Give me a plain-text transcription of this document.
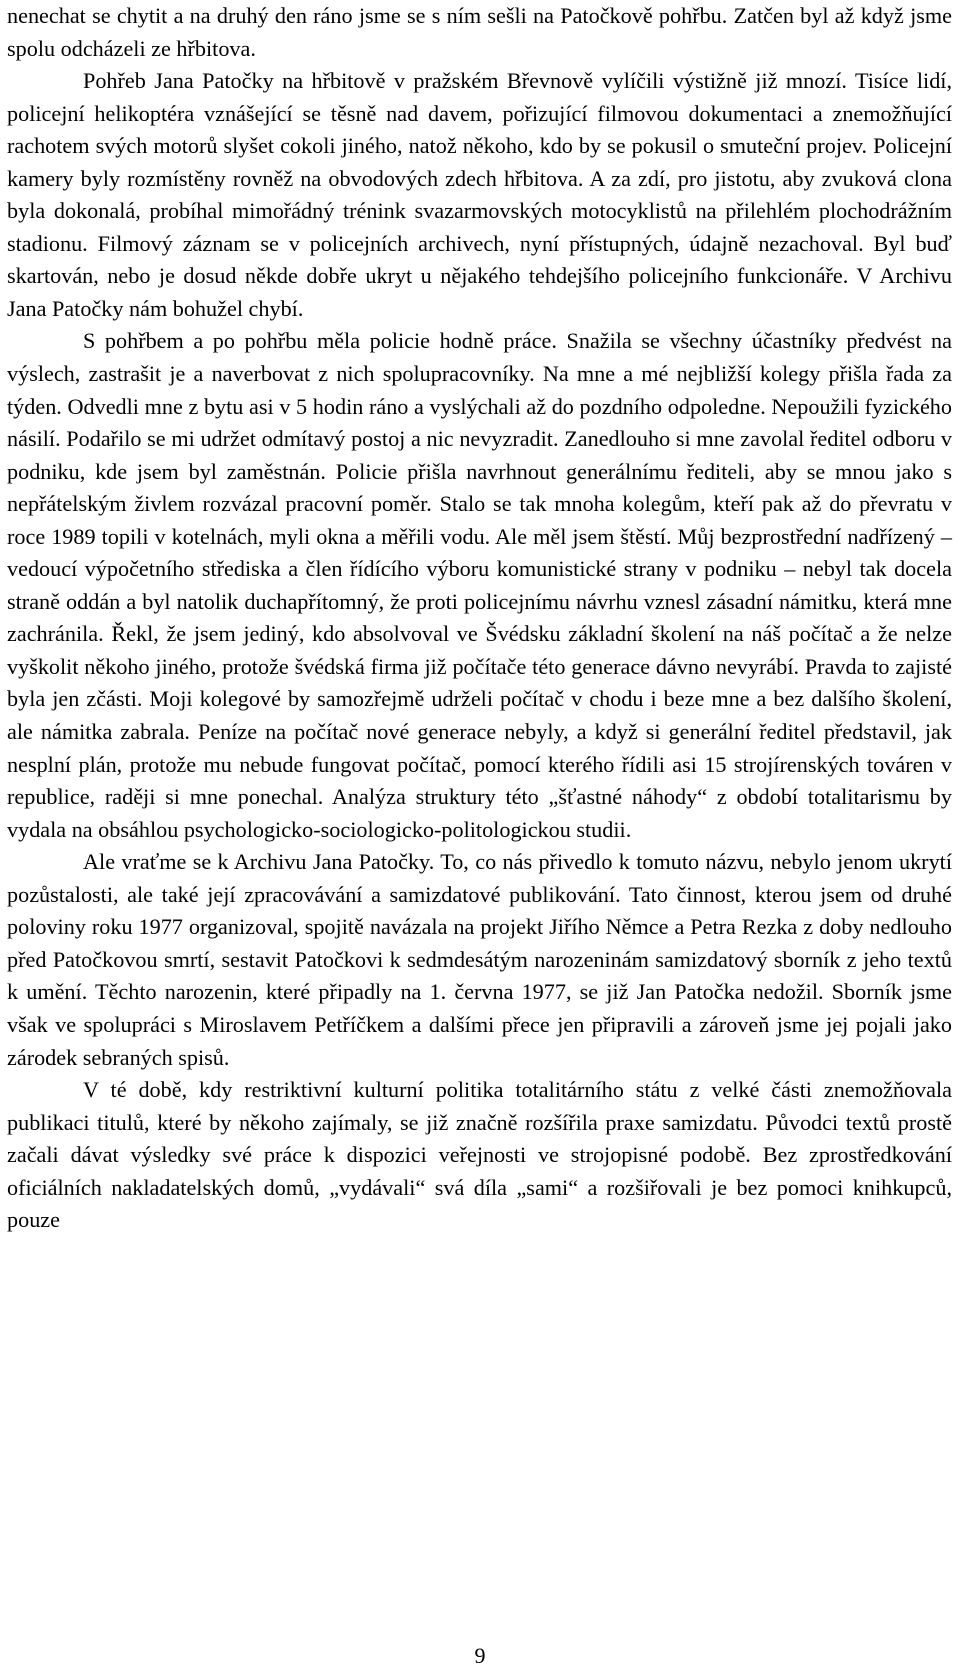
nenechat se chytit a na druhý den ráno jsme se s ním sešli na Patočkově pohřbu. Zatčen byl až když jsme spolu odcházeli ze hřbitova.

Pohřeb Jana Patočky na hřbitově v pražském Břevnově vylíčili výstižně již mnozí. Tisíce lidí, policejní helikoptéra vznášející se těsně nad davem, pořizující filmovou dokumentaci a znemožňující rachotem svých motorů slyšet cokoli jiného, natož někoho, kdo by se pokusil o smuteční projev. Policejní kamery byly rozmístěny rovněž na obvodových zdech hřbitova. A za zdí, pro jistotu, aby zvuková clona byla dokonalá, probíhal mimořádný trénink svazarmovských motocyklistů na přilehlém plochodrážním stadionu. Filmový záznam se v policejních archivech, nyní přístupných, údajně nezachoval. Byl buď skartován, nebo je dosud někde dobře ukryt u nějakého tehdejšího policejního funkcionáře. V Archivu Jana Patočky nám bohužel chybí.

S pohřbem a po pohřbu měla policie hodně práce. Snažila se všechny účastníky předvést na výslech, zastrašit je a naverbovat z nich spolupracovníky. Na mne a mé nejbližší kolegy přišla řada za týden. Odvedli mne z bytu asi v 5 hodin ráno a vyslýchali až do pozdního odpoledne. Nepoužili fyzického násilí. Podařilo se mi udržet odmítavý postoj a nic nevyzradit. Zanedlouho si mne zavolal ředitel odboru v podniku, kde jsem byl zaměstnán. Policie přišla navrhnout generálnímu řediteli, aby se mnou jako s nepřátelským živlem rozvázal pracovní poměr. Stalo se tak mnoha kolegům, kteří pak až do převratu v roce 1989 topili v kotelnách, myli okna a měřili vodu. Ale měl jsem štěstí. Můj bezprostřední nadřízený – vedoucí výpočetního střediska a člen řídícího výboru komunistické strany v podniku – nebyl tak docela straně oddán a byl natolik duchapřítomný, že proti policejnímu návrhu vznesl zásadní námitku, která mne zachránila. Řekl, že jsem jediný, kdo absolvoval ve Švédsku základní školení na náš počítač a že nelze vyškolit někoho jiného, protože švédská firma již počítače této generace dávno nevyrábí. Pravda to zajisté byla jen zčásti. Moji kolegové by samozřejmě udrželi počítač v chodu i beze mne a bez dalšího školení, ale námitka zabrala. Peníze na počítač nové generace nebyly, a když si generální ředitel představil, jak nesplní plán, protože mu nebude fungovat počítač, pomocí kterého řídili asi 15 strojírenských továren v republice, raději si mne ponechal. Analýza struktury této „šťastné náhody“ z období totalitarismu by vydala na obsáhlou psychologicko-sociologicko-politologickou studii.

Ale vraťme se k Archivu Jana Patočky. To, co nás přivedlo k tomuto názvu, nebylo jenom ukrytí pozůstalosti, ale také její zpracovávání a samizdatové publikování. Tato činnost, kterou jsem od druhé poloviny roku 1977 organizoval, spojitě navázala na projekt Jiřího Němce a Petra Rezka z doby nedlouho před Patočkovou smrtí, sestavit Patočkovi k sedmdesátým narozeninám samizdatový sborník z jeho textů k umění. Těchto narozenin, které připadly na 1. června 1977, se již Jan Patočka nedožil. Sborník jsme však ve spolupráci s Miroslavem Petříčkem a dalšími přece jen připravili a zároveň jsme jej pojali jako zárodek sebraných spisů.

V té době, kdy restriktivní kulturní politika totalitárního státu z velké části znemožňovala publikaci titulů, které by někoho zajímaly, se již značně rozšířila praxe samizdatu. Původci textů prostě začali dávat výsledky své práce k dispozici veřejnosti ve strojopisné podobě. Bez zprostředkování oficiálních nakladatelských domů, „vydávali“ svá díla „sami“ a rozšiřovali je bez pomoci knihkupců, pouze

9
